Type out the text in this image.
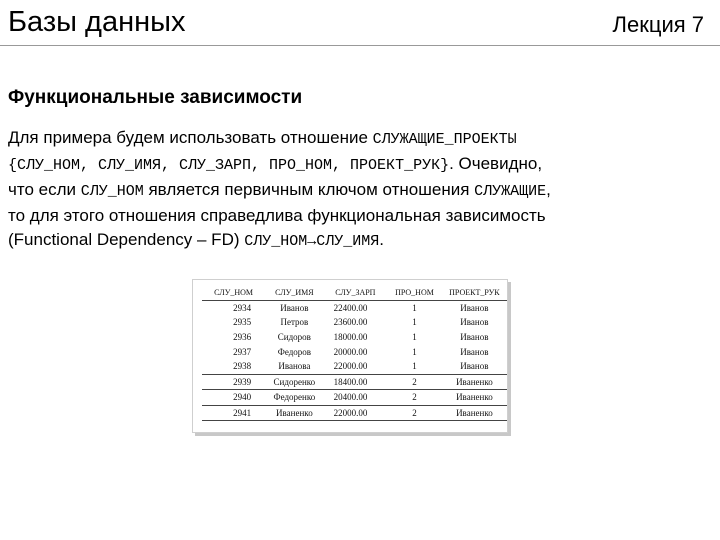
Базы данных	Лекция 7
Функциональные зависимости
Для примера будем использовать отношение СЛУЖАЩИЕ_ПРОЕКТЫ
{СЛУ_НОМ, СЛУ_ИМЯ, СЛУ_ЗАРП, ПРО_НОМ, ПРОЕКТ_РУК}. Очевидно,
что если СЛУ_НОМ является первичным ключом отношения СЛУЖАЩИЕ,
то для этого отношения справедлива функциональная зависимость
(Functional Dependency – FD) СЛУ_НОМ→СЛУ_ИМЯ.
СЛУ_НОМ	СЛУ_ИМЯ	СЛУ_ЗАРП	ПРО_НОМ	ПРОЕКТ_РУК
2934	Иванов	22400.00	1	Иванов
2935	Петров	23600.00	1	Иванов
2936	Сидоров	18000.00	1	Иванов
2937	Федоров	20000.00	1	Иванов
2938	Иванова	22000.00	1	Иванов
2939	Сидоренко	18400.00	2	Иваненко
2940	Федоренко	20400.00	2	Иваненко
2941	Иваненко	22000.00	2	Иваненко
